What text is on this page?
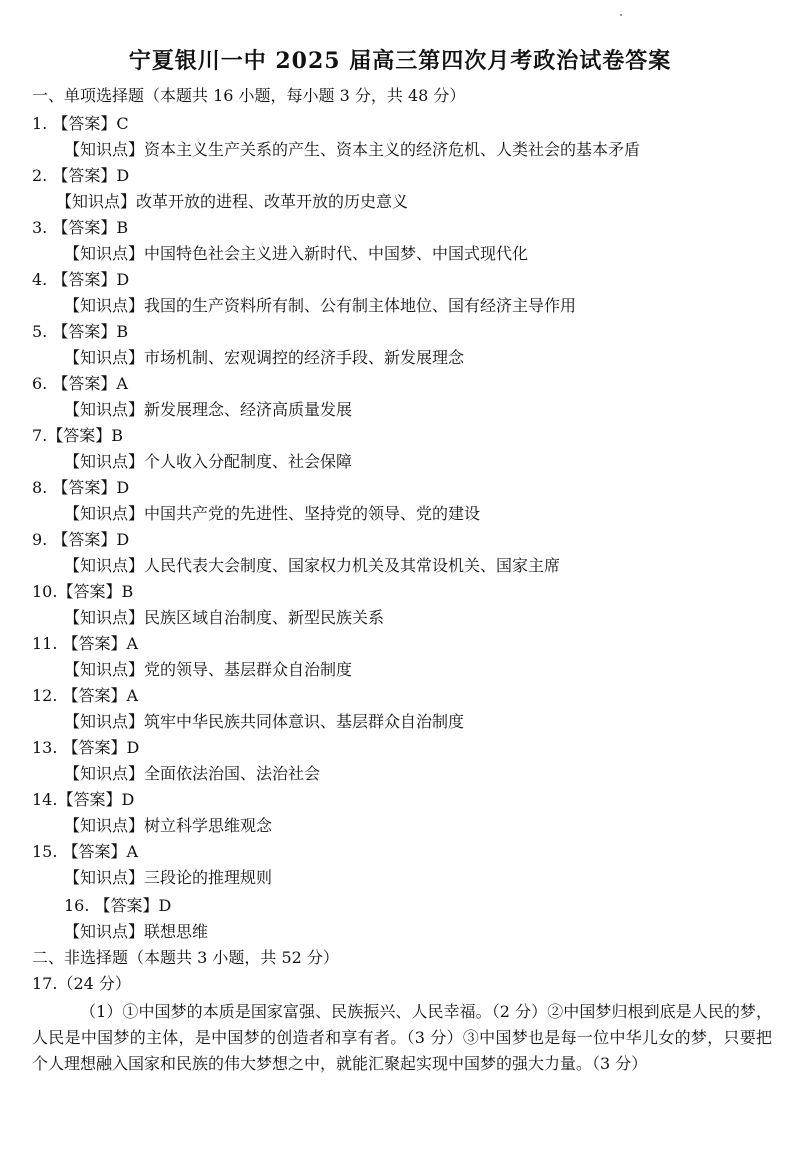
宁夏银川一中 2025 届高三第四次月考政治试卷答案
一、单项选择题（本题共 16 小题，每小题 3 分，共 48 分）
1. 【答案】C
【知识点】资本主义生产关系的产生、资本主义的经济危机、人类社会的基本矛盾
2. 【答案】D
【知识点】改革开放的进程、改革开放的历史意义
3. 【答案】B
【知识点】中国特色社会主义进入新时代、中国梦、中国式现代化
4. 【答案】D
【知识点】我国的生产资料所有制、公有制主体地位、国有经济主导作用
5. 【答案】B
【知识点】市场机制、宏观调控的经济手段、新发展理念
6. 【答案】A
【知识点】新发展理念、经济高质量发展
7.【答案】B
【知识点】个人收入分配制度、社会保障
8. 【答案】D
【知识点】中国共产党的先进性、坚持党的领导、党的建设
9. 【答案】D
【知识点】人民代表大会制度、国家权力机关及其常设机关、国家主席
10.【答案】B
【知识点】民族区域自治制度、新型民族关系
11. 【答案】A
【知识点】党的领导、基层群众自治制度
12. 【答案】A
【知识点】筑牢中华民族共同体意识、基层群众自治制度
13. 【答案】D
【知识点】全面依法治国、法治社会
14.【答案】D
【知识点】树立科学思维观念
15. 【答案】A
【知识点】三段论的推理规则
16. 【答案】D
【知识点】联想思维
二、非选择题（本题共 3 小题，共 52 分）
17.（24 分）
（1）①中国梦的本质是国家富强、民族振兴、人民幸福。（2 分）②中国梦归根到底是人民的梦，人民是中国梦的主体，是中国梦的创造者和享有者。（3 分）③中国梦也是每一位中华儿女的梦，只要把个人理想融入国家和民族的伟大梦想之中，就能汇聚起实现中国梦的强大力量。（3 分）
